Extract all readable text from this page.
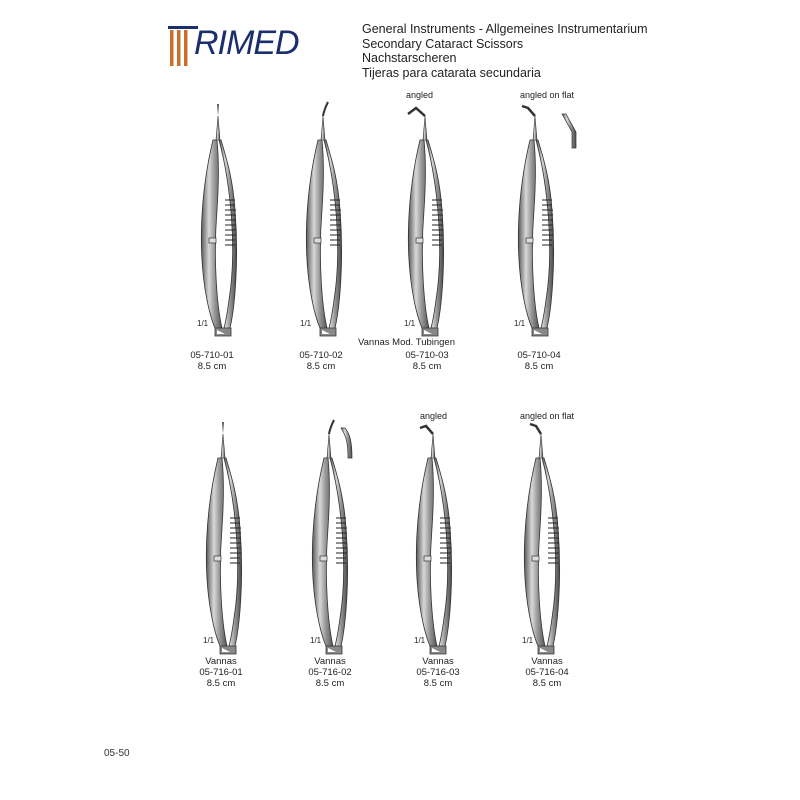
RIMED	General Instruments - Allgemeines Instrumentarium
Secondary Cataract Scissors
Nachstarscheren
Tijeras para catarata secundaria
angled	angled on flat
1/1	1/1	1/1	1/1
Vannas Mod. Tubingen
05-710-01
8.5 cm
05-710-02
8.5 cm
05-710-03
8.5 cm
05-710-04
8.5 cm
angled	angled on flat
1/1	1/1	1/1	1/1
Vannas
05-716-01
8.5 cm
Vannas
05-716-02
8.5 cm
Vannas
05-716-03
8.5 cm
Vannas
05-716-04
8.5 cm
05-50
